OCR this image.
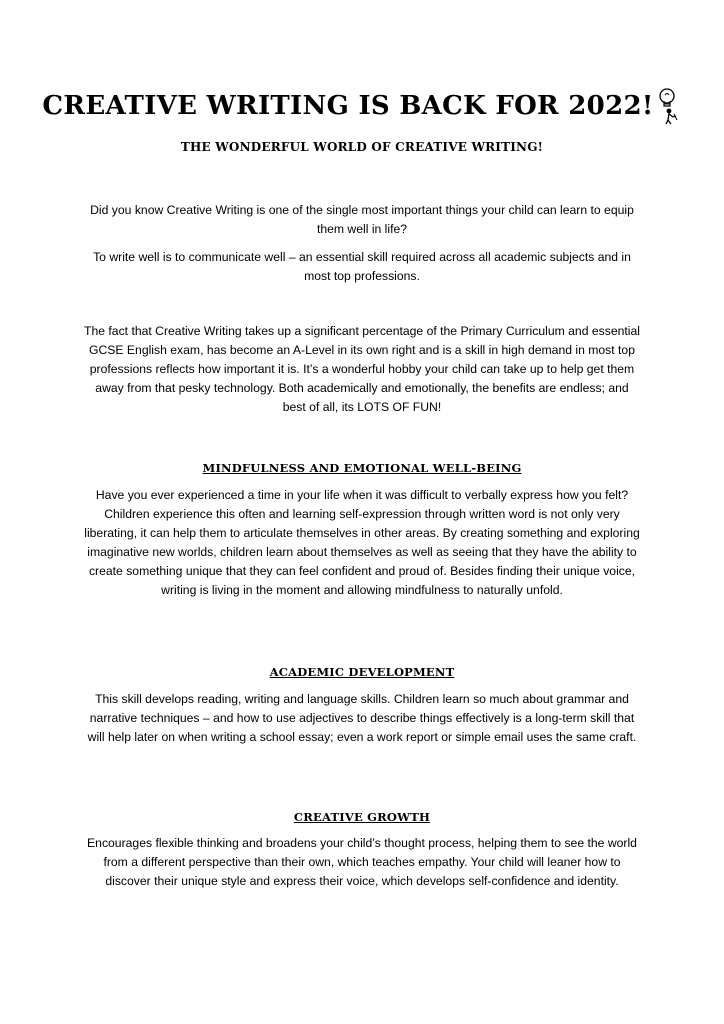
CREATIVE WRITING IS BACK FOR 2022!
THE WONDERFUL WORLD OF CREATIVE WRITING!

Did you know Creative Writing is one of the single most important things your child can learn to equip them well in life?

To write well is to communicate well – an essential skill required across all academic subjects and in most top professions.

The fact that Creative Writing takes up a significant percentage of the Primary Curriculum and essential GCSE English exam, has become an A-Level in its own right and is a skill in high demand in most top professions reflects how important it is. It’s a wonderful hobby your child can take up to help get them away from that pesky technology. Both academically and emotionally, the benefits are endless; and best of all, its LOTS OF FUN!

MINDFULNESS AND EMOTIONAL WELL-BEING

Have you ever experienced a time in your life when it was difficult to verbally express how you felt? Children experience this often and learning self-expression through written word is not only very liberating, it can help them to articulate themselves in other areas. By creating something and exploring imaginative new worlds, children learn about themselves as well as seeing that they have the ability to create something unique that they can feel confident and proud of. Besides finding their unique voice, writing is living in the moment and allowing mindfulness to naturally unfold.

ACADEMIC DEVELOPMENT

This skill develops reading, writing and language skills. Children learn so much about grammar and narrative techniques – and how to use adjectives to describe things effectively is a long-term skill that will help later on when writing a school essay; even a work report or simple email uses the same craft.

CREATIVE GROWTH

Encourages flexible thinking and broadens your child’s thought process, helping them to see the world from a different perspective than their own, which teaches empathy. Your child will leaner how to discover their unique style and express their voice, which develops self-confidence and identity.
